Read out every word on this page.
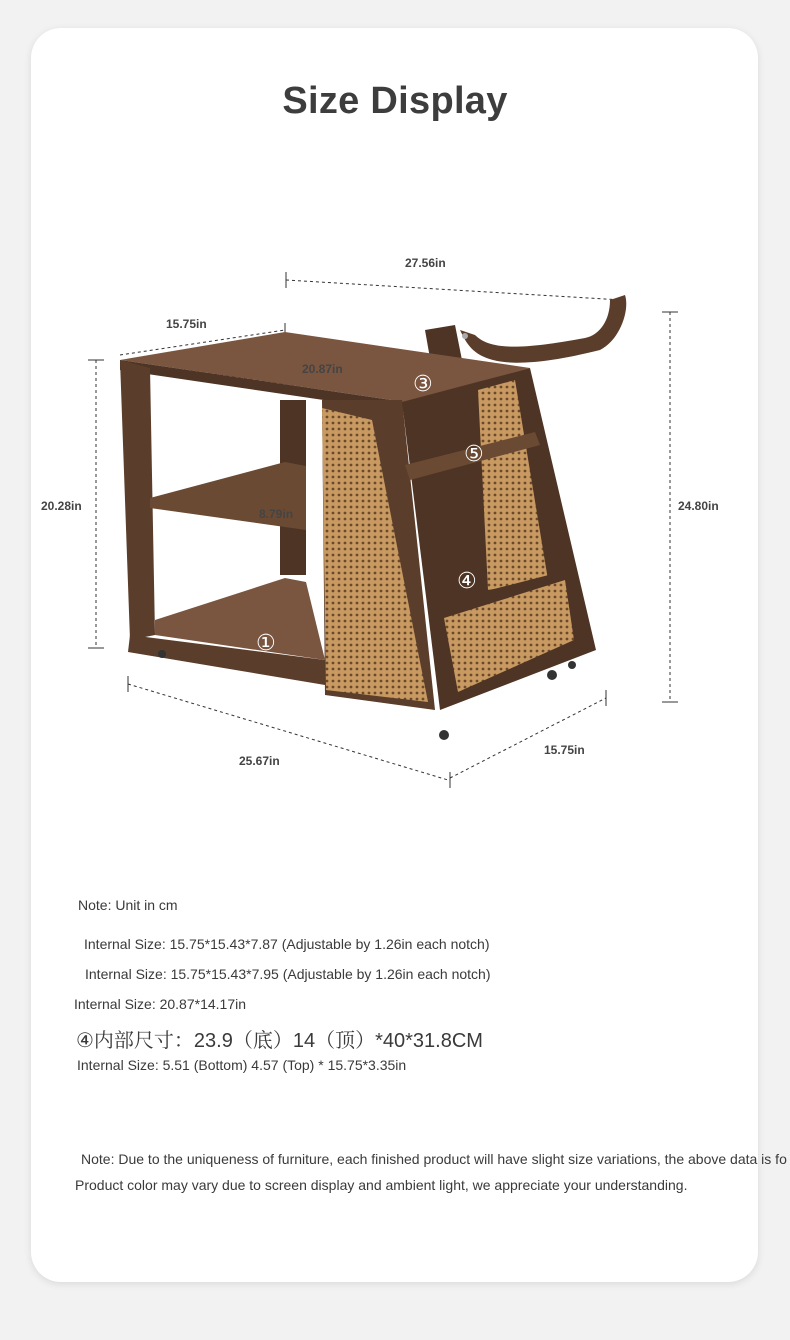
Size Display
27.56in
15.75in
20.87in
20.28in
8.79in
24.80in
25.67in
15.75in
①
③
⑤
④
Note: Unit in cm
Internal Size: 15.75*15.43*7.87 (Adjustable by 1.26in each notch)
Internal Size: 15.75*15.43*7.95 (Adjustable by 1.26in each notch)
Internal Size: 20.87*14.17in
④内部尺寸：23.9（底）14（顶）*40*31.8CM
Internal Size: 5.51 (Bottom) 4.57 (Top) * 15.75*3.35in
Note: Due to the uniqueness of furniture, each finished product will have slight size variations, the above data is fo
Product color may vary due to screen display and ambient light, we appreciate your understanding.
